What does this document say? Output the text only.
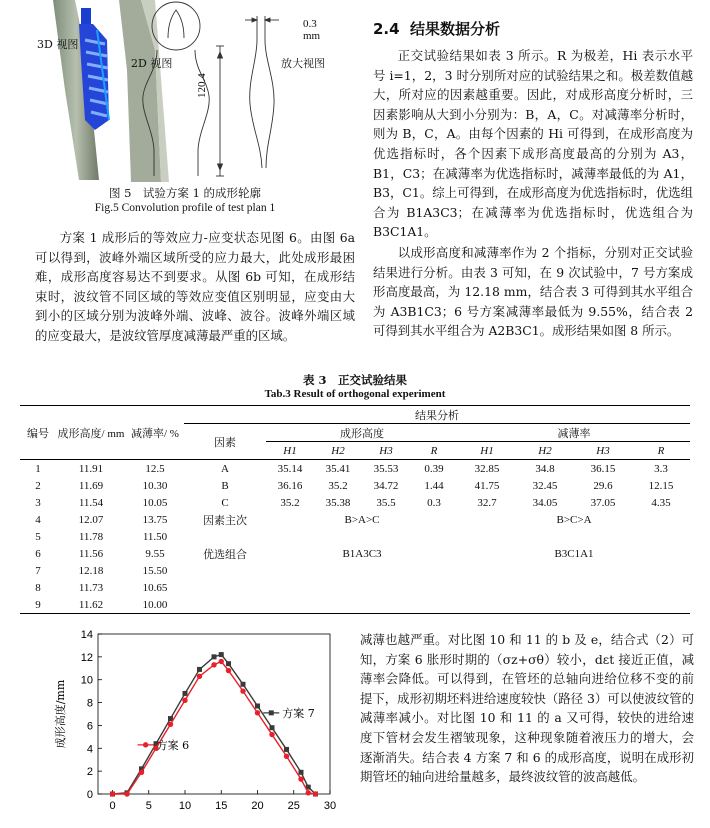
3D 视图
2D 视图	放大视图
0.3 mm
120.4
图 5　试验方案 1 的成形轮廓
Fig.5 Convolution profile of test plan 1

方案 1 成形后的等效应力-应变状态见图 6。由图 6a 可以得到，波峰外端区域所受的应力最大，此处成形最困难，成形高度容易达不到要求。从图 6b 可知，在成形结束时，波纹管不同区域的等效应变值区别明显，应变由大到小的区域分别为波峰外端、波峰、波谷。波峰外端区域的应变最大，是波纹管厚度减薄最严重的区域。

2.4 结果数据分析

正交试验结果如表 3 所示。R 为极差，Hi 表示水平号 i=1，2，3 时分别所对应的试验结果之和。极差数值越大，所对应的因素越重要。因此，对成形高度分析时，三因素影响从大到小分别为：B，A，C。对减薄率分析时，则为 B，C，A。由每个因素的 Hi 可得到，在成形高度为优选指标时，各个因素下成形高度最高的分别为 A3，B1，C3；在减薄率为优选指标时，减薄率最低的为 A1，B3，C1。综上可得到，在成形高度为优选指标时，优选组合为 B1A3C3；在减薄率为优选指标时，优选组合为 B3C1A1。

以成形高度和减薄率作为 2 个指标，分别对正交试验结果进行分析。由表 3 可知，在 9 次试验中，7 号方案成形高度最高，为 12.18 mm，结合表 3 可得到其水平组合为 A3B1C3；6 号方案减薄率最低为 9.55%，结合表 2 可得到其水平组合为 A2B3C1。成形结果如图 8 所示。

表 3　正交试验结果
Tab.3 Result of orthogonal experiment
编号	成形高度/ mm	减薄率/ %	结果分析								
			因素	成形高度				减薄率			
				H1	H2	H3	R	H1	H2	H3	R
1	11.91	12.5	A	35.14	35.41	35.53	0.39	32.85	34.8	36.15	3.3
2	11.69	10.30	B	36.16	35.2	34.72	1.44	41.75	32.45	29.6	12.15
3	11.54	10.05	C	35.2	35.38	35.5	0.3	32.7	34.05	37.05	4.35
4	12.07	13.75	因素主次	B>A>C				B>C>A			
5	11.78	11.50									
6	11.56	9.55	优选组合	B1A3C3				B3C1A1			
7	12.18	15.50									
8	11.73	10.65									
9	11.62	10.00									
0
2
4
6
8
10
12
14
0	5 10 15 20 25 30
成形高度/mm	方案 7
方案 6

减薄也越严重。对比图 10 和 11 的 b 及 e，结合式（2）可知，方案 6 胀形时期的（σz+σθ）较小，dεt 接近正值，减薄率会降低。可以得到，在管坯的总轴向进给位移不变的前提下，成形初期坯料进给速度较快（路径 3）可以使波纹管的减薄率减小。对比图 10 和 11 的 a 又可得，较快的进给速度下管材会发生褶皱现象，这种现象随着液压力的增大，会逐渐消失。结合表 4 方案 7 和 6 的成形高度，说明在成形初期管坯的轴向进给量越多，最终波纹管的波高越低。
